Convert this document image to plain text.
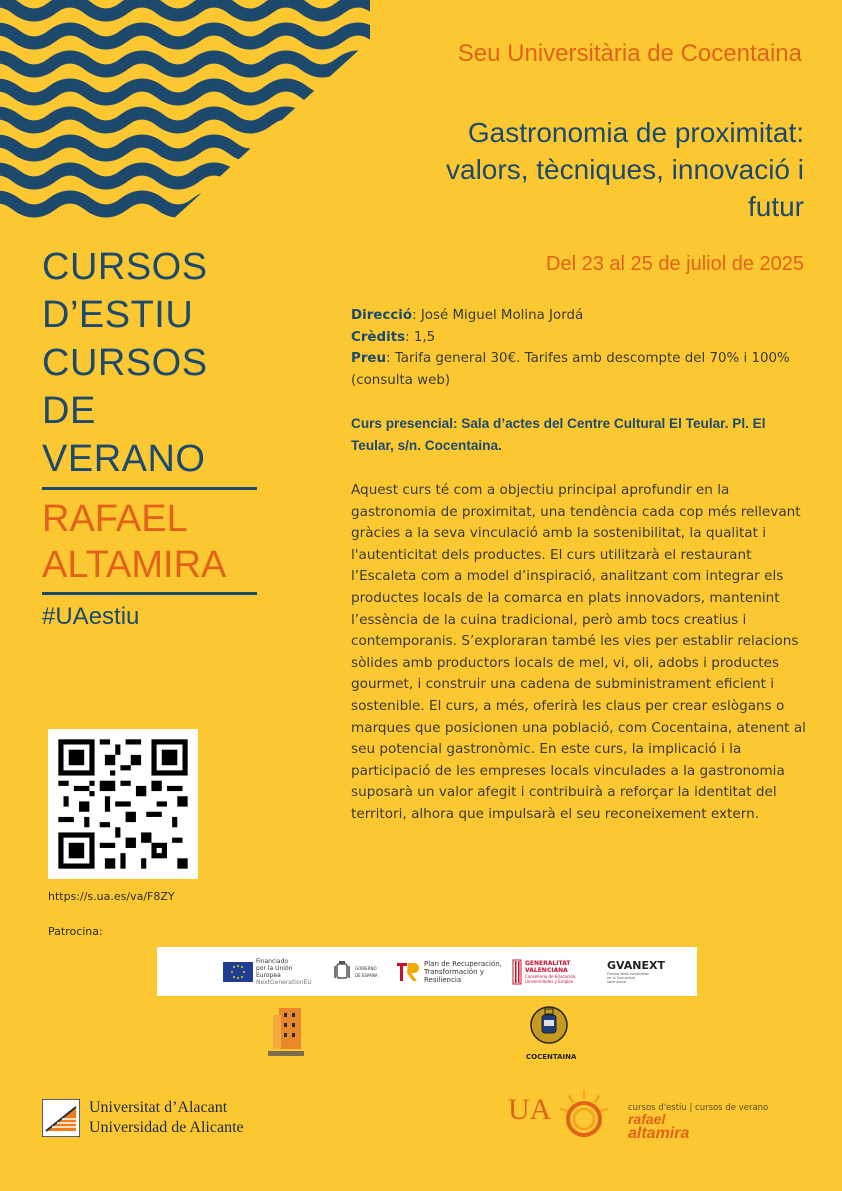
Seu Universitària de Cocentaina
Gastronomia de proximitat:
valors, tècniques, innovació i
futur
Del 23 al 25 de juliol de 2025
CURSOS
D’ESTIU
CURSOS
DE VERANO
RAFAEL
ALTAMIRA
#UAestiu
Direcció: José Miguel Molina Jordá
Crèdits: 1,5
Preu: Tarifa general 30€. Tarifes amb descompte del 70% i 100% (consulta web)
Curs presencial: Sala d’actes del Centre Cultural El Teular. Pl. El Teular, s/n. Cocentaina.
Aquest curs té com a objectiu principal aprofundir en la gastronomia de proximitat, una tendència cada cop més rellevant gràcies a la seva vinculació amb la sostenibilitat, la qualitat i l'autenticitat dels productes. El curs utilitzarà el restaurant l’Escaleta com a model d’inspiració, analitzant com integrar els productes locals de la comarca en plats innovadors, mantenint l’essència de la cuina tradicional, però amb tocs creatius i contemporanis. S’exploraran també les vies per establir relacions sòlides amb productors locals de mel, vi, oli, adobs i productes gourmet, i construir una cadena de subministrament eficient i sostenible. El curs, a més, oferirà les claus per crear eslògans o marques que posicionen una població, com Cocentaina, atenent al seu potencial gastronòmic. En este curs, la implicació i la participació de les empreses locals vinculades a la gastronomia suposarà un valor afegit i contribuirà a reforçar la identitat del territori, alhora que impulsarà el seu reconeixement extern.
https://s.ua.es/va/F8ZY
Patrocina:
Financiado por la Unión Europea
NextGenerationEU
GOBIERNO DE ESPAÑA
Plan de Recuperación, Transformación y Resiliencia
GENERALITAT VALENCIANA
Conselleria de Educación, Universidades y Empleo
GVANEXT
Fondos Next Generation en la Comunitat Valenciana
COCENTAINA
Universitat d’Alacant
Universidad de Alicante
UA	cursos d'estiu | cursos de verano
rafael
altamira
